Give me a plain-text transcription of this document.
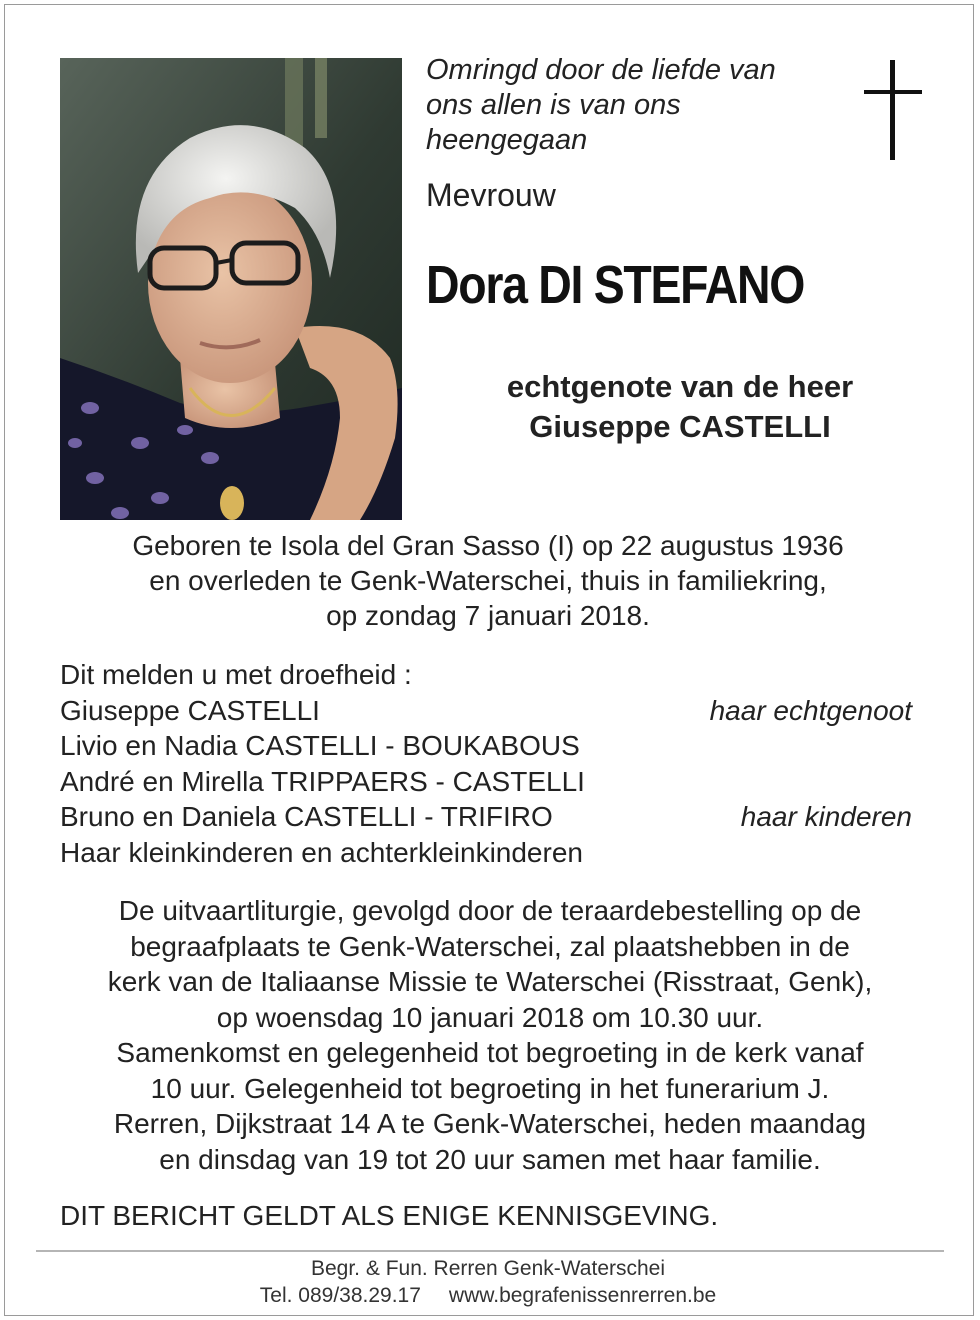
Omringd door de liefde van
ons allen is van ons
heengegaan
Mevrouw
Dora DI STEFANO
echtgenote van de heer
Giuseppe CASTELLI
Geboren te Isola del Gran Sasso (I) op 22 augustus 1936
en overleden te Genk-Waterschei, thuis in familiekring,
op zondag 7 januari 2018.
Dit melden u met droefheid :
Giuseppe CASTELLI	haar echtgenoot
Livio en Nadia CASTELLI - BOUKABOUS
André en Mirella TRIPPAERS - CASTELLI
Bruno en Daniela CASTELLI - TRIFIRO	haar kinderen
Haar kleinkinderen en achterkleinkinderen
De uitvaartliturgie, gevolgd door de teraardebestelling op de
begraafplaats te Genk-Waterschei, zal plaatshebben in de
kerk van de Italiaanse Missie te Waterschei (Risstraat, Genk),
op woensdag 10 januari 2018 om 10.30 uur.
Samenkomst en gelegenheid tot begroeting in de kerk vanaf
10 uur. Gelegenheid tot begroeting in het funerarium J.
Rerren, Dijkstraat 14 A te Genk-Waterschei, heden maandag
en dinsdag van 19 tot 20 uur samen met haar familie.
DIT BERICHT GELDT ALS ENIGE KENNISGEVING.
Begr. & Fun. Rerren Genk-Waterschei
Tel. 089/38.29.17 www.begrafenissenrerren.be
